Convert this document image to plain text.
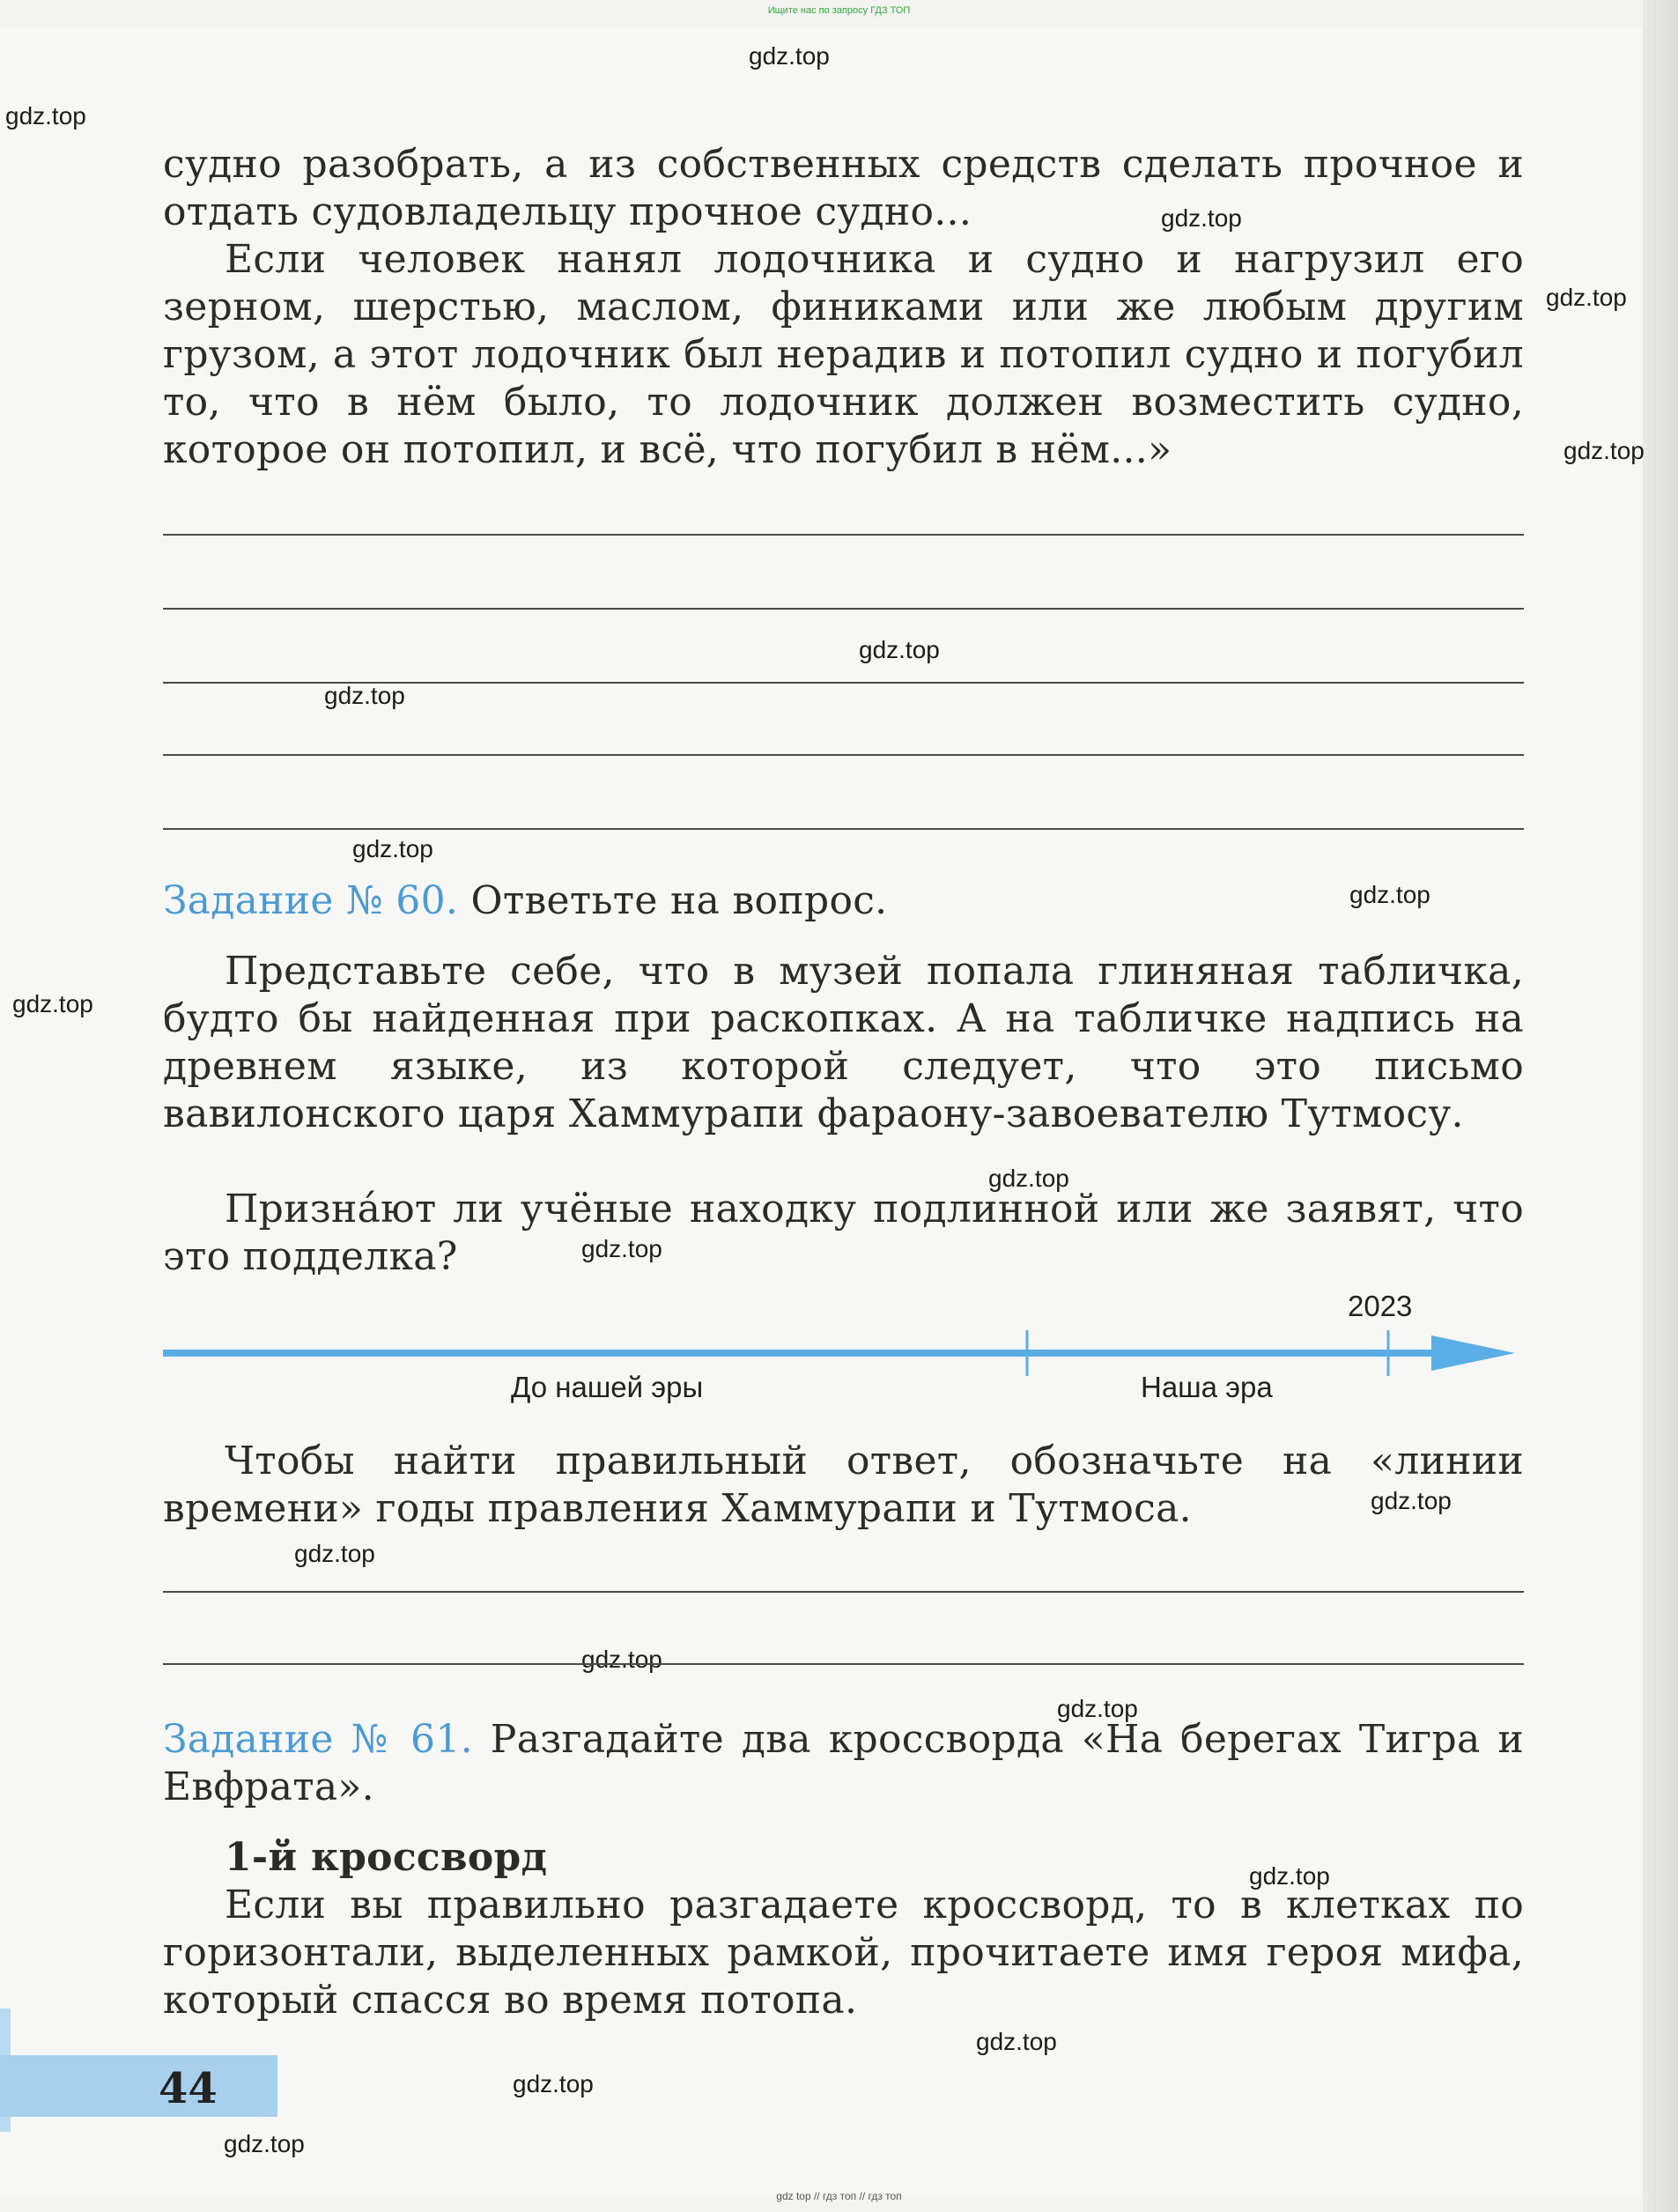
Ищите нас по запросу ГДЗ ТОП

gdz.top
gdz.top
gdz.top
gdz.top
gdz.top
gdz.top
gdz.top
gdz.top
gdz.top
gdz.top
gdz.top
gdz.top
gdz.top
gdz.top
gdz.top
gdz.top
gdz.top
gdz.top
gdz.top
gdz.top

судно разобрать, а из собственных средств сделать прочное и отдать судовладельцу прочное судно...

Если человек нанял лодочника и судно и нагрузил его зерном, шерстью, маслом, финиками или же любым другим грузом, а этот лодочник был нерадив и потопил судно и погубил то, что в нём было, то лодочник должен возместить судно, которое он потопил, и всё, что погубил в нём...»

Задание № 60. Ответьте на вопрос.

Представьте себе, что в музей попала глиняная табличка, будто бы найденная при раскопках. А на табличке надпись на древнем языке, из которой следует, что это письмо вавилонского царя Хаммурапи фараону-завоевателю Тутмосу.

Признáют ли учёные находку подлинной или же заявят, что это подделка?

До нашей эры	Наша эра
2023

Чтобы найти правильный ответ, обозначьте на «линии времени» годы правления Хаммурапи и Тутмоса.

Задание № 61. Разгадайте два кроссворда «На берегах Тигра и Евфрата».

1-й кроссворд

Если вы правильно разгадаете кроссворд, то в клетках по горизонтали, выделенных рамкой, прочитаете имя героя мифа, который спасся во время потопа.

44
gdz top // гдз топ // гдз топ
